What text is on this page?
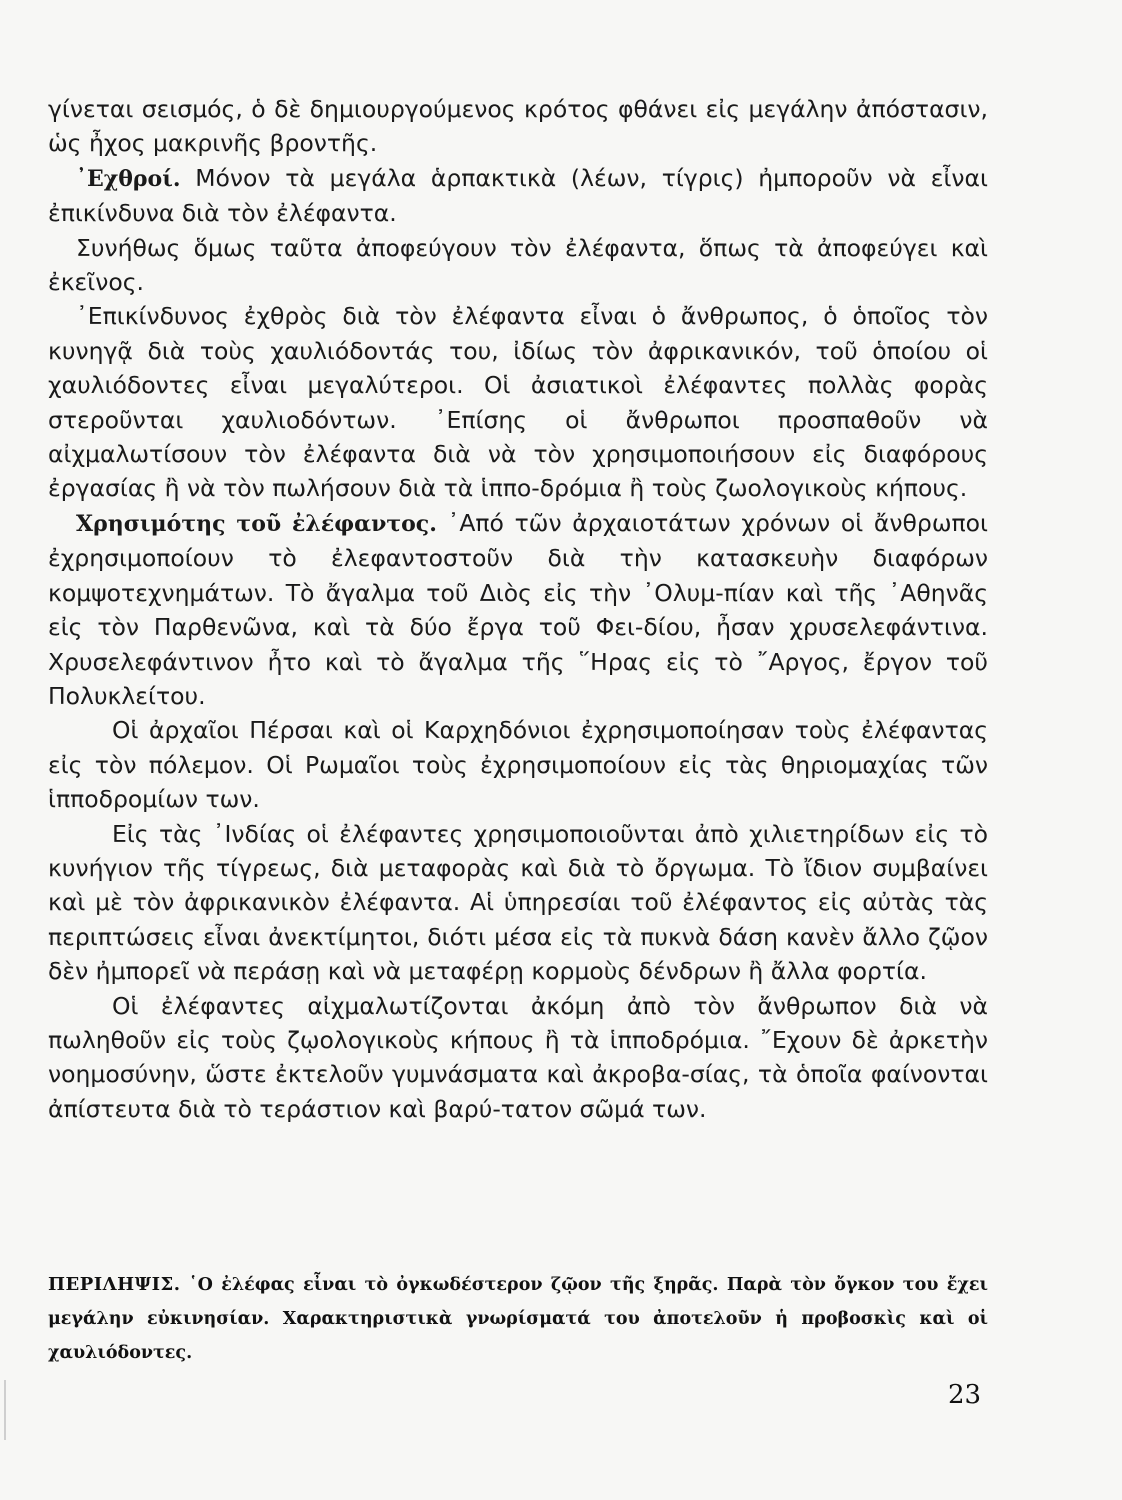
γίνεται σεισμός, ὁ δὲ δημιουργούμενος κρότος φθάνει εἰς μεγάλην ἀπόστασιν, ὡς ἦχος μακρινῆς βροντῆς.

᾽Εχθροί. Μόνον τὰ μεγάλα ἁρπακτικὰ (λέων, τίγρις) ἠμποροῦν νὰ εἶναι ἐπικίνδυνα διὰ τὸν ἐλέφαντα.

Συνήθως ὅμως ταῦτα ἀποφεύγουν τὸν ἐλέφαντα, ὅπως τὰ ἀποφεύγει καὶ ἐκεῖνος.

᾽Επικίνδυνος ἐχθρὸς διὰ τὸν ἐλέφαντα εἶναι ὁ ἄνθρωπος, ὁ ὁποῖος τὸν κυνηγᾷ διὰ τοὺς χαυλιόδοντάς του, ἰδίως τὸν ἀφρικανικόν, τοῦ ὁποίου οἱ χαυλιόδοντες εἶναι μεγαλύτεροι. Οἱ ἀσιατικοὶ ἐλέφαντες πολλὰς φορὰς στεροῦνται χαυλιοδόντων. ᾽Επίσης οἱ ἄνθρωποι προσπαθοῦν νὰ αἰχμαλωτίσουν τὸν ἐλέφαντα διὰ νὰ τὸν χρησιμοποιήσουν εἰς διαφόρους ἐργασίας ἢ νὰ τὸν πωλήσουν διὰ τὰ ἱππο-δρόμια ἢ τοὺς ζωολογικοὺς κήπους.

Χρησιμότης τοῦ ἐλέφαντος. ᾽Από τῶν ἀρχαιοτάτων χρόνων οἱ ἄνθρωποι ἐχρησιμοποίουν τὸ ἐλεφαντοστοῦν διὰ τὴν κατασκευὴν διαφόρων κομψοτεχνημάτων. Τὸ ἄγαλμα τοῦ Διὸς εἰς τὴν ᾽Ολυμ-πίαν καὶ τῆς ᾽Αθηνᾶς εἰς τὸν Παρθενῶνα, καὶ τὰ δύο ἔργα τοῦ Φει-δίου, ἦσαν χρυσελεφάντινα. Χρυσελεφάντινον ἦτο καὶ τὸ ἄγαλμα τῆς ῞Ηρας εἰς τὸ ῎Αργος, ἔργον τοῦ Πολυκλείτου.

Οἱ ἀρχαῖοι Πέρσαι καὶ οἱ Καρχηδόνιοι ἐχρησιμοποίησαν τοὺς ἐλέφαντας εἰς τὸν πόλεμον. Οἱ Ρωμαῖοι τοὺς ἐχρησιμοποίουν εἰς τὰς θηριομαχίας τῶν ἱπποδρομίων των.

Εἰς τὰς ᾽Ινδίας οἱ ἐλέφαντες χρησιμοποιοῦνται ἀπὸ χιλιετηρίδων εἰς τὸ κυνήγιον τῆς τίγρεως, διὰ μεταφορὰς καὶ διὰ τὸ ὄργωμα. Τὸ ἴδιον συμβαίνει καὶ μὲ τὸν ἀφρικανικὸν ἐλέφαντα. Αἱ ὑπηρεσίαι τοῦ ἐλέφαντος εἰς αὐτὰς τὰς περιπτώσεις εἶναι ἀνεκτίμητοι, διότι μέσα εἰς τὰ πυκνὰ δάση κανὲν ἄλλο ζῷον δὲν ἠμπορεῖ νὰ περάσῃ καὶ νὰ μεταφέρῃ κορμοὺς δένδρων ἢ ἄλλα φορτία.

Οἱ ἐλέφαντες αἰχμαλωτίζονται ἀκόμη ἀπὸ τὸν ἄνθρωπον διὰ νὰ πωληθοῦν εἰς τοὺς ζῳολογικοὺς κήπους ἢ τὰ ἱπποδρόμια. ῎Εχουν δὲ ἀρκετὴν νοημοσύνην, ὥστε ἐκτελοῦν γυμνάσματα καὶ ἀκροβα-σίας, τὰ ὁποῖα φαίνονται ἀπίστευτα διὰ τὸ τεράστιον καὶ βαρύ-τατον σῶμά των.

ΠΕΡΙΛΗΨΙΣ. ῾Ο ἐλέφας εἶναι τὸ ὀγκωδέστερον ζῷον τῆς ξηρᾶς. Παρὰ τὸν ὄγκον του ἔχει μεγάλην εὐκινησίαν. Χαρακτηριστικὰ γνωρίσματά του ἀποτελοῦν ἡ προβοσκὶς καὶ οἱ χαυλιόδοντες.
23
